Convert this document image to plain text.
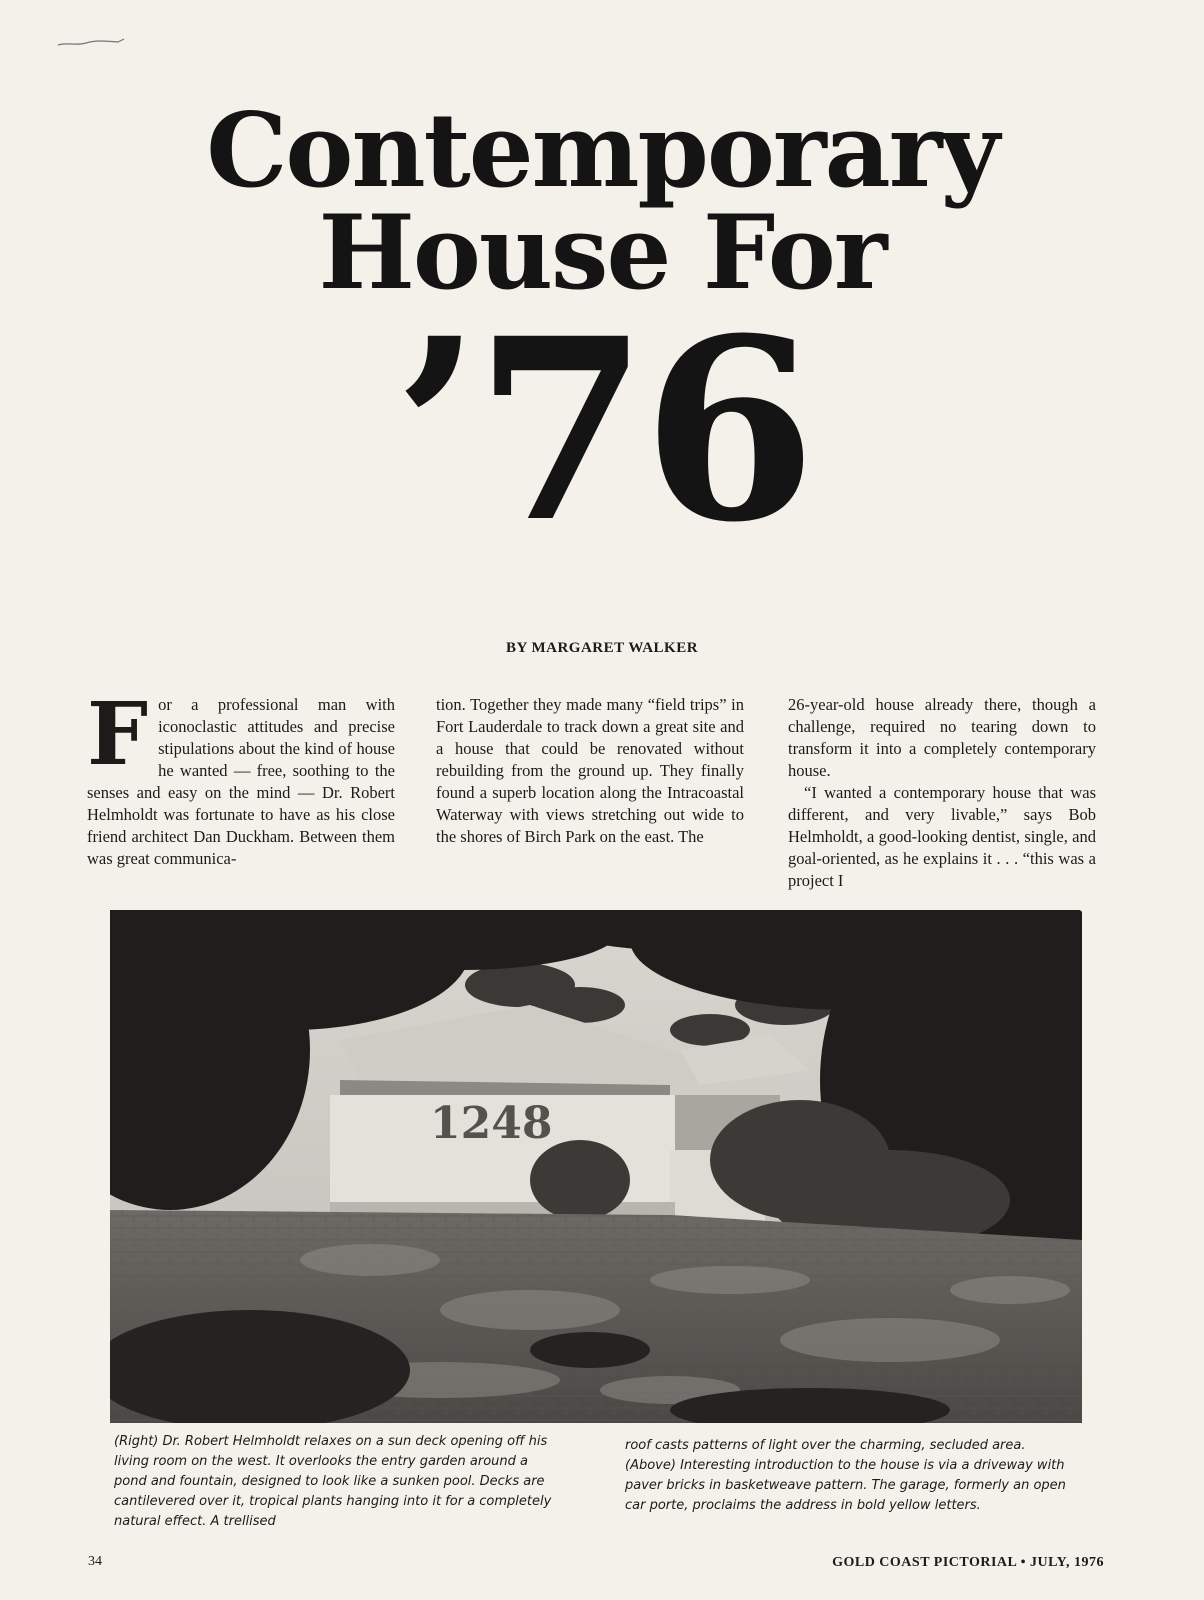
Contemporary
House For
’76
BY MARGARET WALKER

For a professional man with iconoclastic attitudes and precise stipulations about the kind of house he wanted — free, soothing to the senses and easy on the mind — Dr. Robert Helmholdt was fortunate to have as his close friend architect Dan Duckham. Between them was great communica-

tion. Together they made many “field trips” in Fort Lauderdale to track down a great site and a house that could be renovated without rebuilding from the ground up. They finally found a superb location along the Intracoastal Waterway with views stretching out wide to the shores of Birch Park on the east. The

26-year-old house already there, though a challenge, required no tearing down to transform it into a completely contemporary house.

“I wanted a contemporary house that was different, and very livable,” says Bob Helmholdt, a good-looking dentist, single, and goal-oriented, as he explains it . . . “this was a project I

1248
(Right) Dr. Robert Helmholdt relaxes on a sun deck opening off his living room on the west. It overlooks the entry garden around a pond and fountain, designed to look like a sunken pool. Decks are cantilevered over it, tropical plants hanging into it for a completely natural effect. A trellised
roof casts patterns of light over the charming, secluded area. (Above) Interesting introduction to the house is via a driveway with paver bricks in basketweave pattern. The garage, formerly an open car porte, proclaims the address in bold yellow letters.
34	GOLD COAST PICTORIAL • JULY, 1976
